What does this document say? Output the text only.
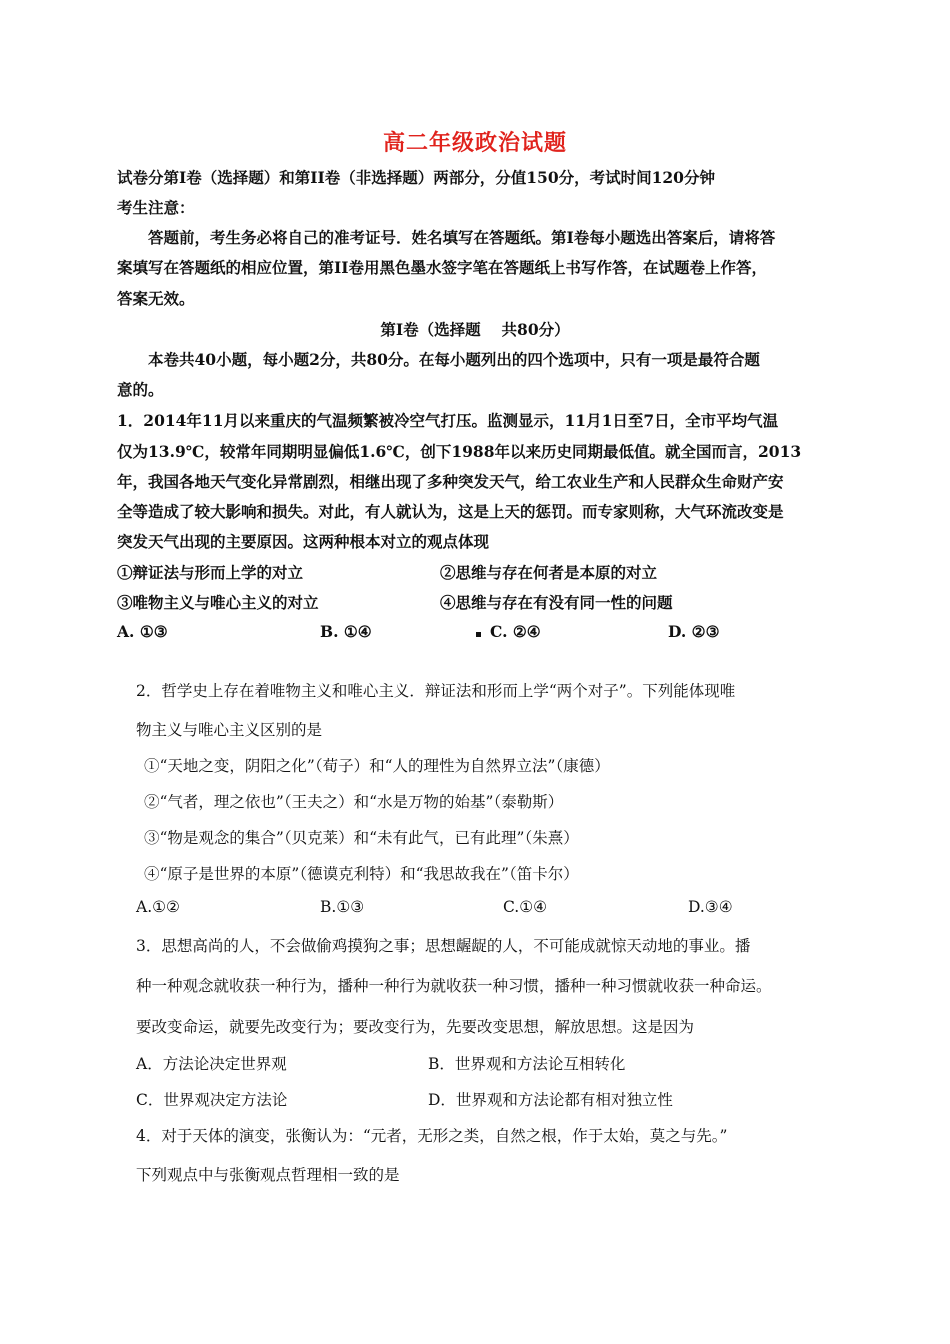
高二年级政治试题
试卷分第I卷（选择题）和第II卷（非选择题）两部分，分值150分，考试时间120分钟
考生注意：
答题前，考生务必将自己的准考证号．姓名填写在答题纸。第I卷每小题选出答案后，请将答
案填写在答题纸的相应位置，第II卷用黑色墨水签字笔在答题纸上书写作答，在试题卷上作答，
答案无效。
第I卷（选择题　 共80分）
本卷共40小题，每小题2分，共80分。在每小题列出的四个选项中，只有一项是最符合题
意的。
1．2014年11月以来重庆的气温频繁被冷空气打压。监测显示，11月1日至7日，全市平均气温
仅为13.9℃，较常年同期明显偏低1.6℃，创下1988年以来历史同期最低值。就全国而言，2013
年，我国各地天气变化异常剧烈，相继出现了多种突发天气，给工农业生产和人民群众生命财产安
全等造成了较大影响和损失。对此，有人就认为，这是上天的惩罚。而专家则称，大气环流改变是
突发天气出现的主要原因。这两种根本对立的观点体现
①辩证法与形而上学的对立	②思维与存在何者是本原的对立
③唯物主义与唯心主义的对立	④思维与存在有没有同一性的问题
A. ①③	B. ①④	C. ②④	D. ②③
2．哲学史上存在着唯物主义和唯心主义．辩证法和形而上学“两个对子”。下列能体现唯
物主义与唯心主义区别的是
①“天地之变，阴阳之化”（荀子）和“人的理性为自然界立法”（康德）
②“气者，理之依也”（王夫之）和“水是万物的始基”（泰勒斯）
③“物是观念的集合”（贝克莱）和“未有此气，已有此理”（朱熹）
④“原子是世界的本原”（德谟克利特）和“我思故我在”（笛卡尔）
A.①②	B.①③	C.①④	D.③④
3．思想高尚的人，不会做偷鸡摸狗之事；思想龌龊的人，不可能成就惊天动地的事业。播
种一种观念就收获一种行为，播种一种行为就收获一种习惯，播种一种习惯就收获一种命运。
要改变命运，就要先改变行为；要改变行为，先要改变思想，解放思想。这是因为
A．方法论决定世界观	B．世界观和方法论互相转化
C．世界观决定方法论	D．世界观和方法论都有相对独立性
4．对于天体的演变，张衡认为：“元者，无形之类，自然之根，作于太始，莫之与先。”
下列观点中与张衡观点哲理相一致的是
